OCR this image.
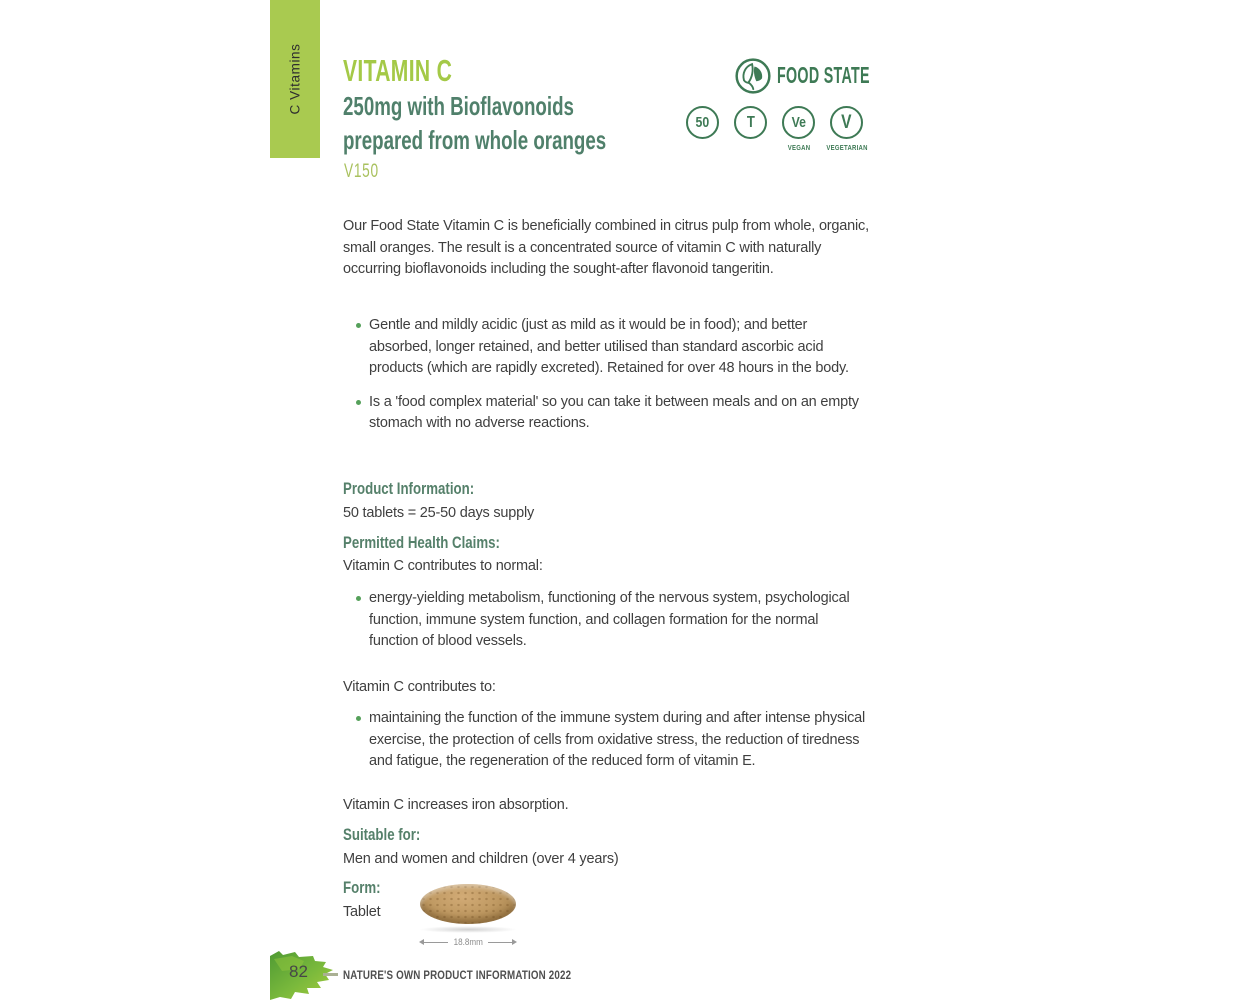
C Vitamins VITAMIN C
250mg with Bioflavonoids
prepared from whole oranges
V150
FOOD STATE
50 T Ve
VEGAN
V
VEGETARIAN

Our Food State Vitamin C is beneficially combined in citrus pulp from whole, organic, small oranges. The result is a concentrated source of vitamin C with naturally occurring bioflavonoids including the sought-after flavonoid tangeritin.

Gentle and mildly acidic (just as mild as it would be in food); and better absorbed, longer retained, and better utilised than standard ascorbic acid products (which are rapidly excreted). Retained for over 48 hours in the body.
Is a 'food complex material' so you can take it between meals and on an empty stomach with no adverse reactions.
Product Information:

50 tablets = 25-50 days supply

Permitted Health Claims:

Vitamin C contributes to normal:

energy-yielding metabolism, functioning of the nervous system, psychological function, immune system function, and collagen formation for the normal function of blood vessels.

Vitamin C contributes to:

maintaining the function of the immune system during and after intense physical exercise, the protection of cells from oxidative stress, the reduction of tiredness and fatigue, the regeneration of the reduced form of vitamin E.

Vitamin C increases iron absorption.

Suitable for:

Men and women and children (over 4 years)

Form:

Tablet

18.8mm
82	NATURE'S OWN PRODUCT INFORMATION 2022
